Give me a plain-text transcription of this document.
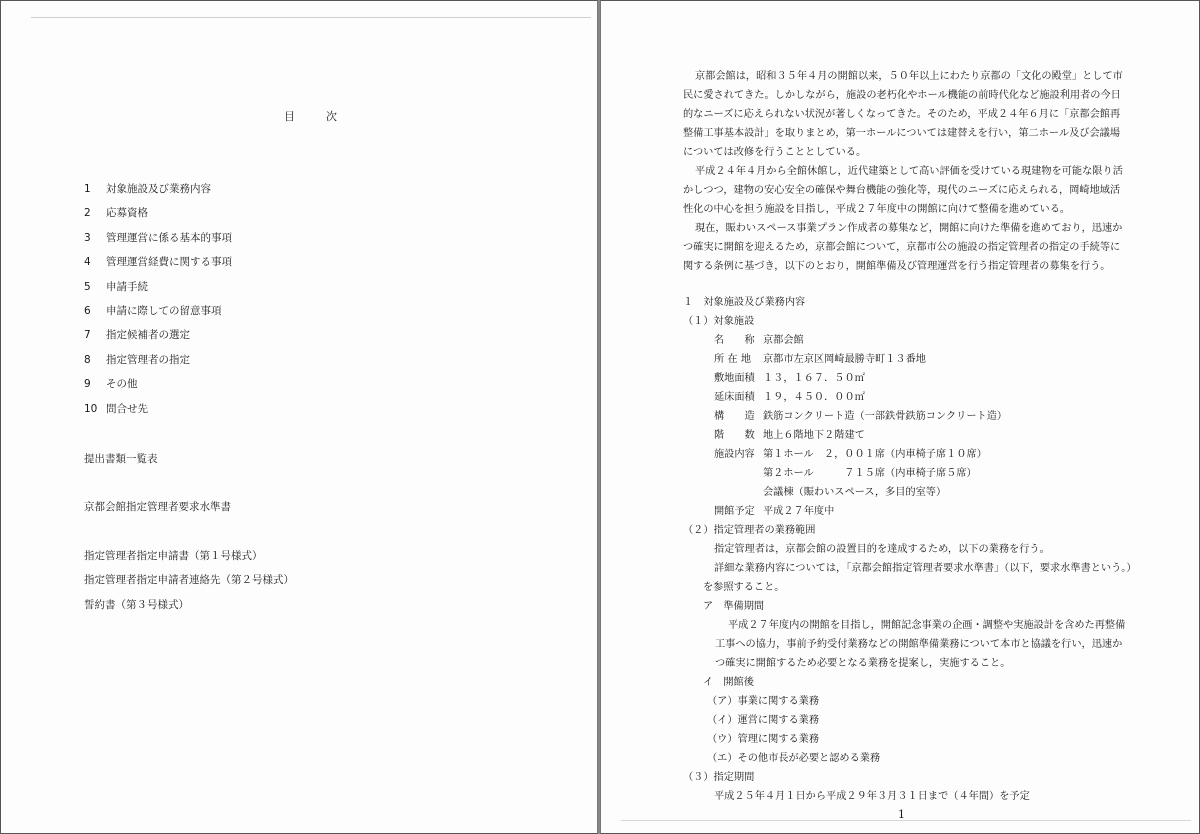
目　次
1 対象施設及び業務内容
2 応募資格
3 管理運営に係る基本的事項
4 管理運営経費に関する事項
5 申請手続
6 申請に際しての留意事項
7 指定候補者の選定
8 指定管理者の指定
9 その他
10 問合せ先
提出書類一覧表
京都会館指定管理者要求水準書
指定管理者指定申請書（第１号様式）
指定管理者指定申請者連絡先（第２号様式）
誓約書（第３号様式）
京都会館は，昭和３５年４月の開館以来，５０年以上にわたり京都の「文化の殿堂」として市
民に愛されてきた。しかしながら，施設の老朽化やホール機能の前時代化など施設利用者の今日
的なニーズに応えられない状況が著しくなってきた。そのため，平成２４年６月に「京都会館再
整備工事基本設計」を取りまとめ，第一ホールについては建替えを行い，第二ホール及び会議場
については改修を行うこととしている。
平成２４年４月から全館休館し，近代建築として高い評価を受けている現建物を可能な限り活
かしつつ，建物の安心安全の確保や舞台機能の強化等，現代のニーズに応えられる，岡崎地域活
性化の中心を担う施設を目指し，平成２７年度中の開館に向けて整備を進めている。
現在，賑わいスペース事業プラン作成者の募集など，開館に向けた準備を進めており，迅速か
つ確実に開館を迎えるため，京都会館について，京都市公の施設の指定管理者の指定の手続等に
関する条例に基づき，以下のとおり，開館準備及び管理運営を行う指定管理者の募集を行う。
１　対象施設及び業務内容
（１）対象施設
名　　称 京都会館
所 在 地 京都市左京区岡崎最勝寺町１３番地
敷地面積 １３，１６７．５０㎡
延床面積 １９，４５０．００㎡
構　　造 鉄筋コンクリート造（一部鉄骨鉄筋コンクリート造）
階　　数 地上６階地下２階建て
施設内容 第１ホール　２，００１席（内車椅子席１０席）
第２ホール　　　７１５席（内車椅子席５席）
会議棟（賑わいスペース，多目的室等）
開館予定 平成２７年度中
（２）指定管理者の業務範囲
指定管理者は，京都会館の設置目的を達成するため，以下の業務を行う。
詳細な業務内容については，「京都会館指定管理者要求水準書」（以下，要求水準書という。）
を参照すること。
ア　準備期間
平成２７年度内の開館を目指し，開館記念事業の企画・調整や実施設計を含めた再整備
工事への協力，事前予約受付業務などの開館準備業務について本市と協議を行い，迅速か
つ確実に開館するため必要となる業務を提案し，実施すること。
イ　開館後
（ア）事業に関する業務
（イ）運営に関する業務
（ウ）管理に関する業務
（エ）その他市長が必要と認める業務
（３）指定期間
平成２５年４月１日から平成２９年３月３１日まで（４年間）を予定
1
